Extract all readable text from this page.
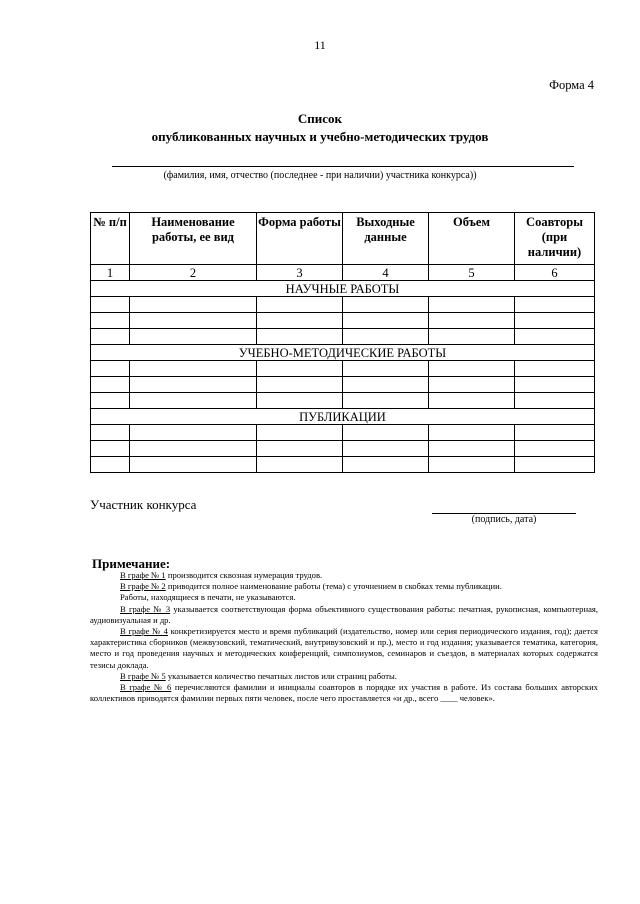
11
Форма 4
Список
опубликованных научных и учебно-методических трудов
(фамилия, имя, отчество (последнее - при наличии) участника конкурса))
№ п/п	Наименование работы, ее вид	Форма работы	Выходные данные	Объем	Соавторы (при наличии)
1	2	3	4	5	6
НАУЧНЫЕ РАБОТЫ					

УЧЕБНО-МЕТОДИЧЕСКИЕ РАБОТЫ					

ПУБЛИКАЦИИ					

Участник конкурса
(подпись, дата)
Примечание:

В графе № 1 производится сквозная нумерация трудов.

В графе № 2 приводится полное наименование работы (тема) с уточнением в скобках темы публикации.

Работы, находящиеся в печати, не указываются.

В графе № 3 указывается соответствующая форма объективного существования работы: печатная, рукописная, компьютерная, аудиовизуальная и др.

В графе № 4 конкретизируется место и время публикаций (издательство, номер или серия периодического издания, год); дается характеристика сборников (межвузовский, тематический, внутривузовский и пр.), место и год издания; указывается тематика, категория, место и год проведения научных и методических конференций, симпозиумов, семинаров и съездов, в материалах которых содержатся тезисы доклада.

В графе № 5 указывается количество печатных листов или страниц работы.

В графе № 6 перечисляются фамилии и инициалы соавторов в порядке их участия в работе. Из состава больших авторских коллективов приводятся фамилии первых пяти человек, после чего проставляется «и др., всего ____ человек».
